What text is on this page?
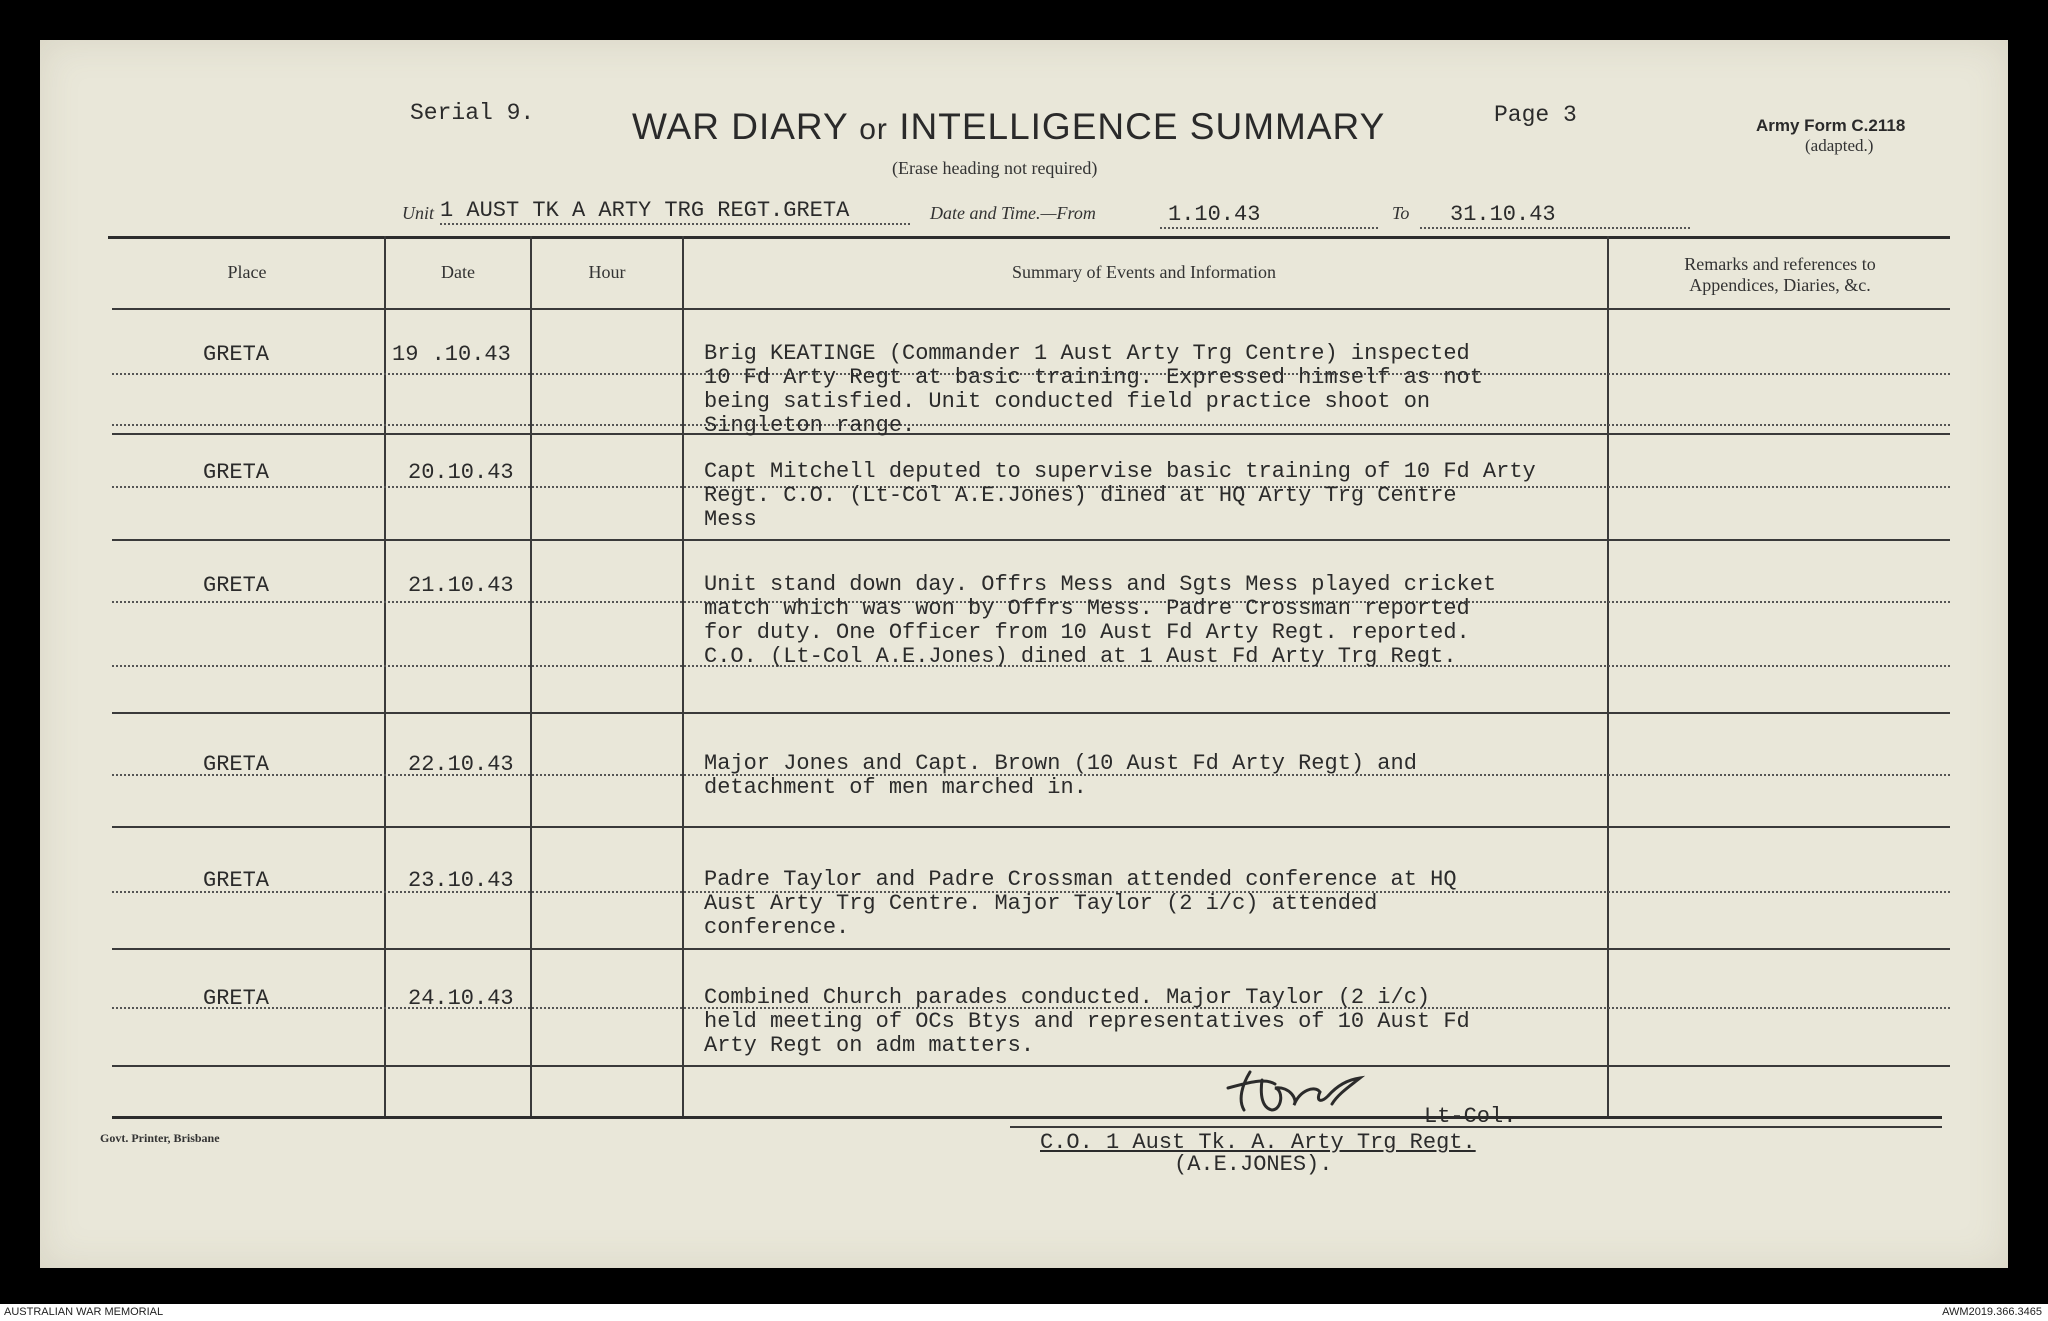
Serial 9.	WAR DIARY or INTELLIGENCE SUMMARY
(Erase heading not required)
Page 3	Army Form C.2118
(adapted.)
Unit 1 AUST TK A ARTY TRG REGT.GRETA	Date and Time.—From	1.10.43	To	31.10.43
Place	Date	Hour	Summary of Events and Information	Remarks and references to
Appendices, Diaries, &c.
GRETA	19 .10.43	Brig KEATINGE (Commander 1 Aust Arty Trg Centre) inspected
10 Fd Arty Regt at basic training. Expressed himself as not
being satisfied. Unit conducted field practice shoot on
Singleton range.
GRETA	20.10.43	Capt Mitchell deputed to supervise basic training of 10 Fd Arty
Regt. C.O. (Lt-Col A.E.Jones) dined at HQ Arty Trg Centre
Mess
GRETA	21.10.43	Unit stand down day. Offrs Mess and Sgts Mess played cricket
match which was won by Offrs Mess. Padre Crossman reported
for duty. One Officer from 10 Aust Fd Arty Regt. reported.
C.O. (Lt-Col A.E.Jones) dined at 1 Aust Fd Arty Trg Regt.
GRETA	22.10.43	Major Jones and Capt. Brown (10 Aust Fd Arty Regt) and
detachment of men marched in.
GRETA	23.10.43	Padre Taylor and Padre Crossman attended conference at HQ
Aust Arty Trg Centre. Major Taylor (2 i/c) attended
conference.
GRETA	24.10.43	Combined Church parades conducted. Major Taylor (2 i/c)
held meeting of OCs Btys and representatives of 10 Aust Fd
Arty Regt on adm matters.
Lt-Col.
C.O. 1 Aust Tk. A. Arty Trg Regt.
(A.E.JONES).
Govt. Printer, Brisbane
AUSTRALIAN WAR MEMORIAL	AWM2019.366.3465
